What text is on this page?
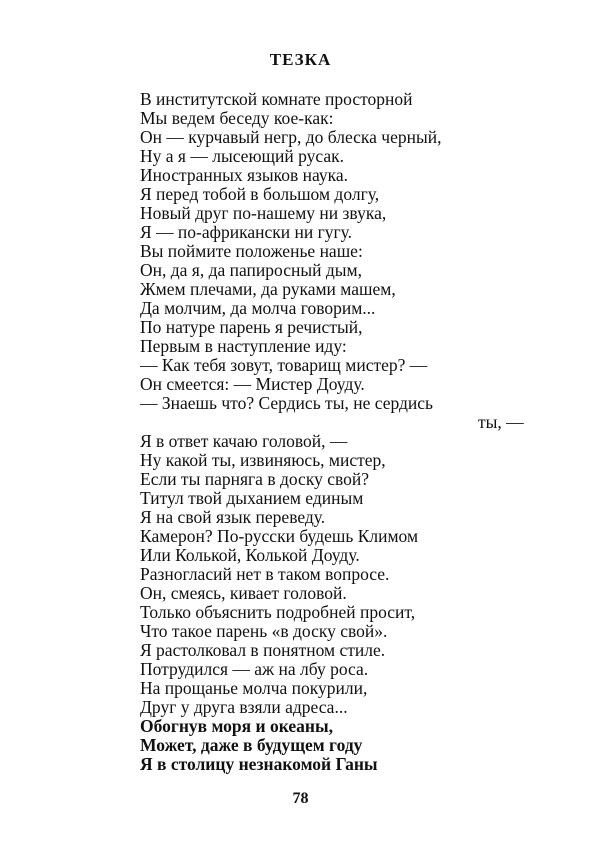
ТЕЗКА

В институтской комнате просторной

Мы ведем беседу кое-как:

Он — курчавый негр, до блеска черный,

Ну а я — лысеющий русак.

Иностранных языков наука.

Я перед тобой в большом долгу,

Новый друг по-нашему ни звука,

Я — по-африкански ни гугу.

Вы поймите положенье наше:

Он, да я, да папиросный дым,

Жмем плечами, да руками машем,

Да молчим, да молча говорим...

По натуре парень я речистый,

Первым в наступление иду:

— Как тебя зовут, товарищ мистер? —

Он смеется: — Мистер Доуду.

— Знаешь что? Сердись ты, не сердись

ты, —

Я в ответ качаю головой, —

Ну какой ты, извиняюсь, мистер,

Если ты парняга в доску свой?

Титул твой дыханием единым

Я на свой язык переведу.

Камерон? По-русски будешь Климом

Или Колькой, Колькой Доуду.

Разногласий нет в таком вопросе.

Он, смеясь, кивает головой.

Только объяснить подробней просит,

Что такое парень «в доску свой».

Я растолковал в понятном стиле.

Потрудился — аж на лбу роса.

На прощанье молча покурили,

Друг у друга взяли адреса...

Обогнув моря и океаны,

Может, даже в будущем году

Я в столицу незнакомой Ганы

78
